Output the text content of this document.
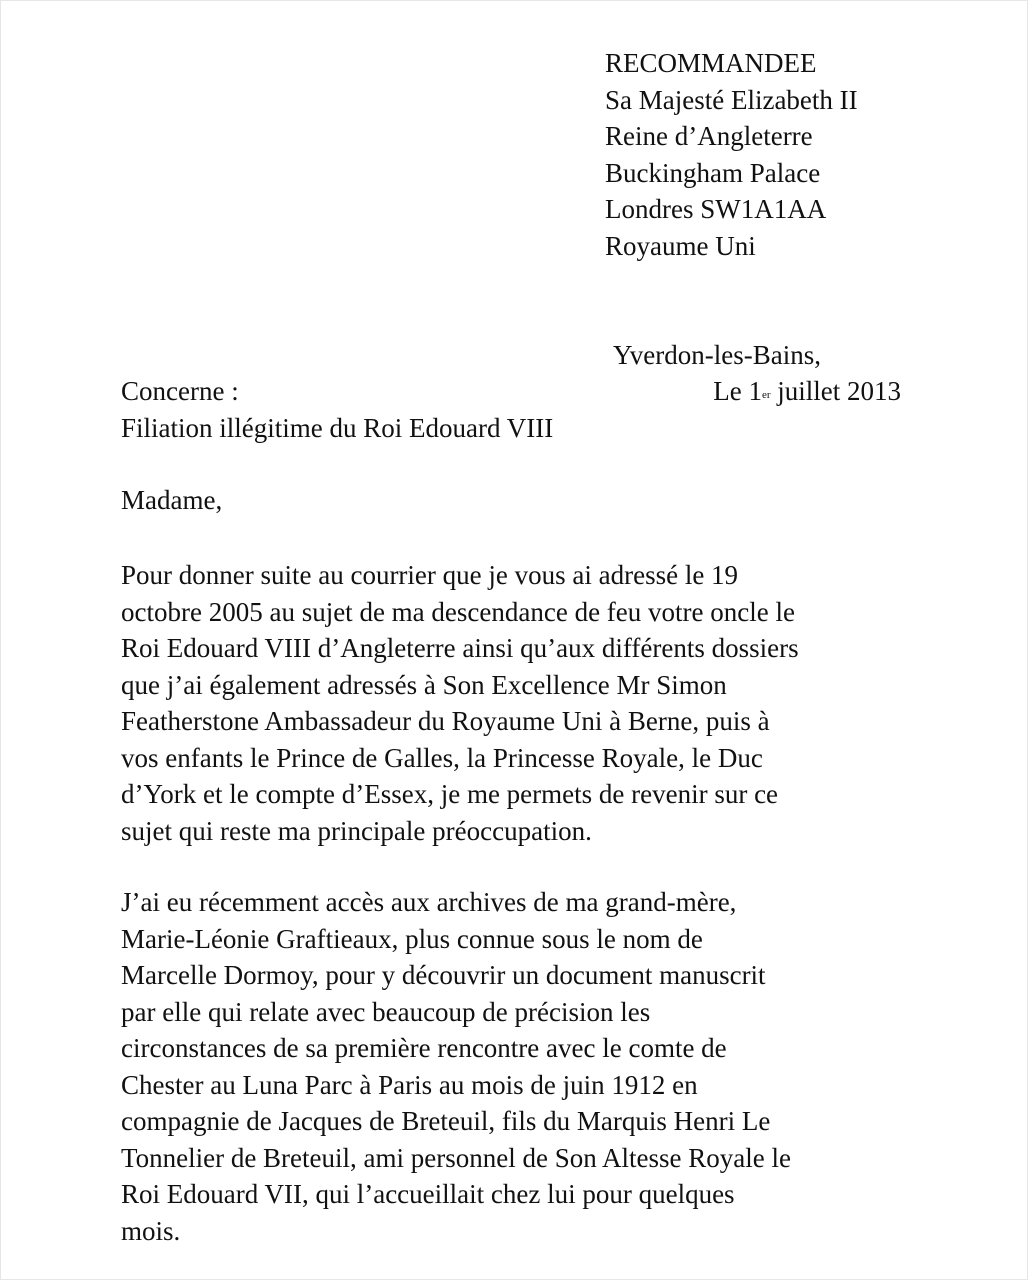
RECOMMANDEE
Sa Majesté Elizabeth II
Reine d’Angleterre
Buckingham Palace
Londres SW1A1AA
Royaume Uni
Yverdon-les-Bains,
Le 1er juillet 2013
Concerne :
Filiation illégitime du Roi Edouard VIII
Madame,
Pour donner suite au courrier que je vous ai adressé le 19
octobre 2005 au sujet de ma descendance de feu votre oncle le
Roi Edouard VIII d’Angleterre ainsi qu’aux différents dossiers
que j’ai également adressés à Son Excellence Mr Simon
Featherstone Ambassadeur du Royaume Uni à Berne, puis à
vos enfants le Prince de Galles, la Princesse Royale, le Duc
d’York et le compte d’Essex, je me permets de revenir sur ce
sujet qui reste ma principale préoccupation.
J’ai eu récemment accès aux archives de ma grand-mère,
Marie-Léonie Graftieaux, plus connue sous le nom de
Marcelle Dormoy, pour y découvrir un document manuscrit
par elle qui relate avec beaucoup de précision les
circonstances de sa première rencontre avec le comte de
Chester au Luna Parc à Paris au mois de juin 1912 en
compagnie de Jacques de Breteuil, fils du Marquis Henri Le
Tonnelier de Breteuil, ami personnel de Son Altesse Royale le
Roi Edouard VII, qui l’accueillait chez lui pour quelques
mois.
